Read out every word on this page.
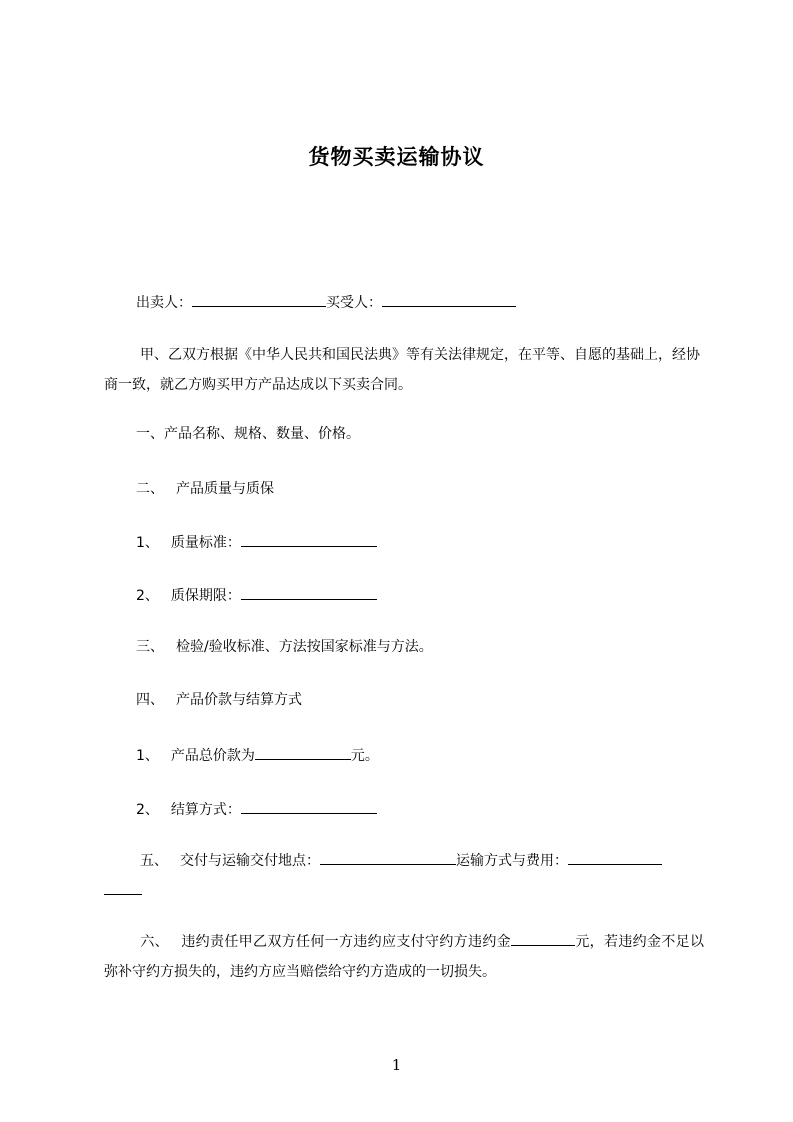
货物买卖运输协议
出卖人：	买受人：
甲、乙双方根据《中华人民共和国民法典》等有关法律规定，在平等、自愿的基础上，经协商一致，就乙方购买甲方产品达成以下买卖合同。
一、产品名称、规格、数量、价格。
二、 产品质量与质保
1、 质量标准：
2、 质保期限：
三、 检验/验收标准、方法按国家标准与方法。
四、 产品价款与结算方式
1、 产品总价款为	元。
2、 结算方式：
五、 交付与运输交付地点：	运输方式与费用：

六、 违约责任甲乙双方任何一方违约应支付守约方违约金	元，若违约金不足以弥补守约方损失的，违约方应当赔偿给守约方造成的一切损失。
1
